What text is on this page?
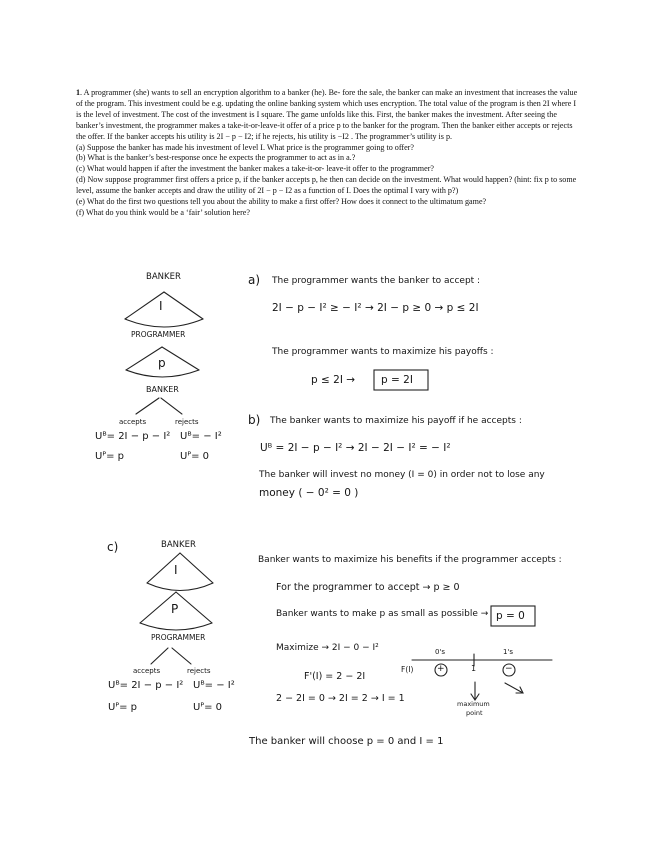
1. A programmer (she) wants to sell an encryption algorithm to a banker (he). Be- fore the sale, the banker can make an investment that increases the value of the program. This investment could be e.g. updating the online banking system which uses encryption. The total value of the program is then 2I where I is the level of investment. The cost of the investment is I square. The game unfolds like this. First, the banker makes the investment. After seeing the banker’s investment, the programmer makes a take-it-or-leave-it offer of a price p to the banker for the program. Then the banker either accepts or rejects the offer. If the banker accepts his utility is 2I − p − I2; if he rejects, his utility is −I2 . The programmer’s utility is p.

(a) Suppose the banker has made his investment of level I. What price is the programmer going to offer?

(b) What is the banker’s best-response once he expects the programmer to act as in a.?

(c) What would happen if after the investment the banker makes a take-it-or- leave-it offer to the programmer?

(d) Now suppose programmer first offers a price p, if the banker accepts p, he then can decide on the investment. What would happen? (hint: fix p to some level, assume the banker accepts and draw the utility of 2I − p − I2 as a function of I. Does the optimal I vary with p?)

(e) What do the first two questions tell you about the ability to make a first offer? How does it connect to the ultimatum game?

(f) What do you think would be a ‘fair’ solution here?

BANKER
I
PROGRAMMER
p
BANKER
accepts	rejects
Uᴮ= 2I − p − I² Uᴮ= − I²
Uᴾ= p	Uᴾ= 0
a) The programmer wants the banker to accept :
2I − p − I² ≥ − I² → 2I − p ≥ 0 → p ≤ 2I
The programmer wants to maximize his payoffs :
p ≤ 2I → p = 2I
b) The banker wants to maximize his payoff if he accepts :
Uᴮ = 2I − p − I² → 2I − 2I − I² = − I²
The banker will invest no money (I = 0) in order not to lose any
money ( − 0² = 0 )
c)	BANKER
I
P
PROGRAMMER
accepts	rejects
Uᴮ= 2I − p − I² Uᴮ= − I²
Uᴾ= p	Uᴾ= 0
Banker wants to maximize his benefits if the programmer accepts :
For the programmer to accept → p ≥ 0
Banker wants to make p as small as possible → p = 0
Maximize → 2I − 0 − I²
F'(I) = 2 − 2I
2 − 2I = 0 → 2I = 2 → I = 1
F(I)
0's	1's
1
+	−
maximum
point
The banker will choose p = 0 and I = 1
